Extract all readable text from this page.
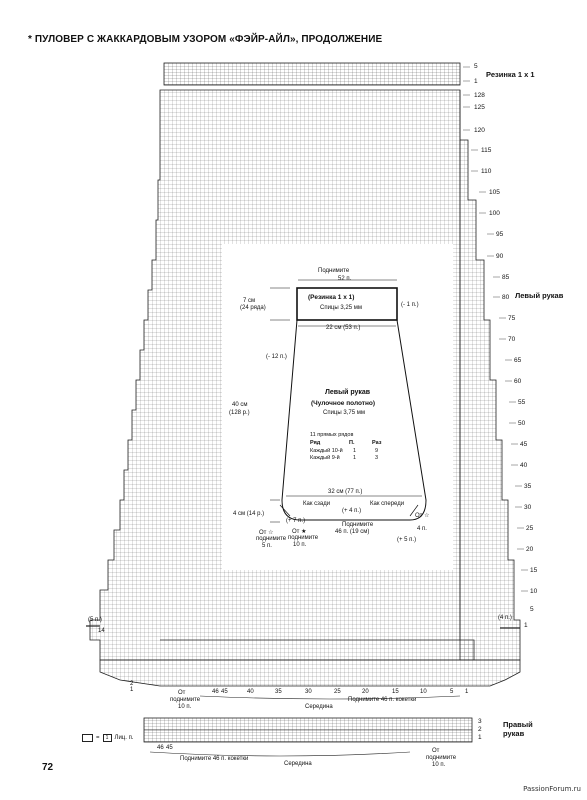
* ПУЛОВЕР С ЖАККАРДОВЫМ УЗОРОМ «ФЭЙР-АЙЛ», ПРОДОЛЖЕНИЕ
5
1
Резинка 1 x 1
128
125
120
115
110
105
100
95
90
85
80 Левый рукав
75
70
65
60
55
50
45
40
35
30
25
20
15
10
5
1
(5 п.)	(4 п.)
14
2
1	46 45	40	35	30	25	20	15	10	5 1
От
поднимите
10 п.	Середина
Поднимите 46 п. кокетки
Правый рукав
3
2
1
46 45	От
поднимите
10 п.
Поднимите 46 п. кокетки
Середина
=	1	Лиц. п.
Поднимите
52 п.
(Резинка 1 x 1)
Спицы 3,25 мм	(- 1 п.)
22 см (53 п.)
7 см
(24 ряда)
(- 12 п.)
40 см
(128 р.)
Левый рукав
(Чулочное полотно)
Спицы 3,75 мм
11 прямых рядов
Ряд	П.	Раз
Каждый 10-й 1	9
Каждый 9-й 1	3
32 см (77 п.)
Как сзади	Как спереди
(+ 4 п.)
(+ 7 п.)
(+ 5 п.)
4 см (14 р.)
От ☆
поднимите
5 п.
От ★
поднимите
10 п.
Поднимите
46 п. (19 см)
От ☆
4 п.
72
PassionForum.ru
